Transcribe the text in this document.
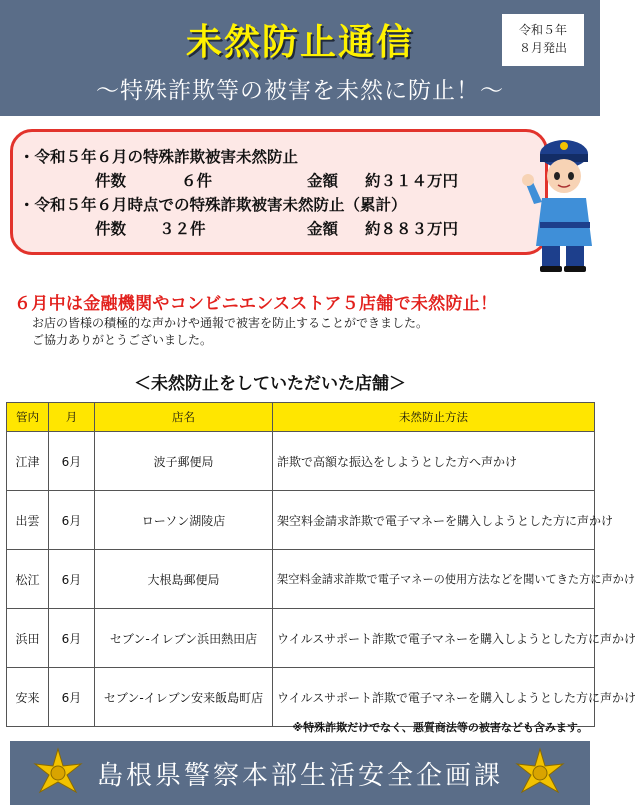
未然防止通信
～特殊詐欺等の被害を未然に防止！～
令和５年
８月発出
・令和５年６月の特殊詐欺被害未然防止
件数	６件	金額 約３１４万円
・令和５年６月時点での特殊詐欺被害未然防止（累計）
件数 ３２件	金額 約８８３万円
６月中は金融機関やコンビニエンスストア５店舗で未然防止！
お店の皆様の積極的な声かけや通報で被害を防止することができました。
ご協力ありがとうございました。
＜未然防止をしていただいた店舗＞
管内	月	店名	未然防止方法
江津	6月	波子郵便局	詐欺で高額な振込をしようとした方へ声かけ
出雲	6月	ローソン湖陵店	架空料金請求詐欺で電子マネーを購入しようとした方に声かけ
松江	6月	大根島郵便局	架空料金請求詐欺で電子マネーの使用方法などを聞いてきた方に声かけ
浜田	6月	セブン-イレブン浜田熱田店	ウイルスサポート詐欺で電子マネーを購入しようとした方に声かけ
安来	6月	セブン-イレブン安来飯島町店	ウイルスサポート詐欺で電子マネーを購入しようとした方に声かけ
※特殊詐欺だけでなく、悪質商法等の被害なども含みます。
島根県警察本部生活安全企画課
